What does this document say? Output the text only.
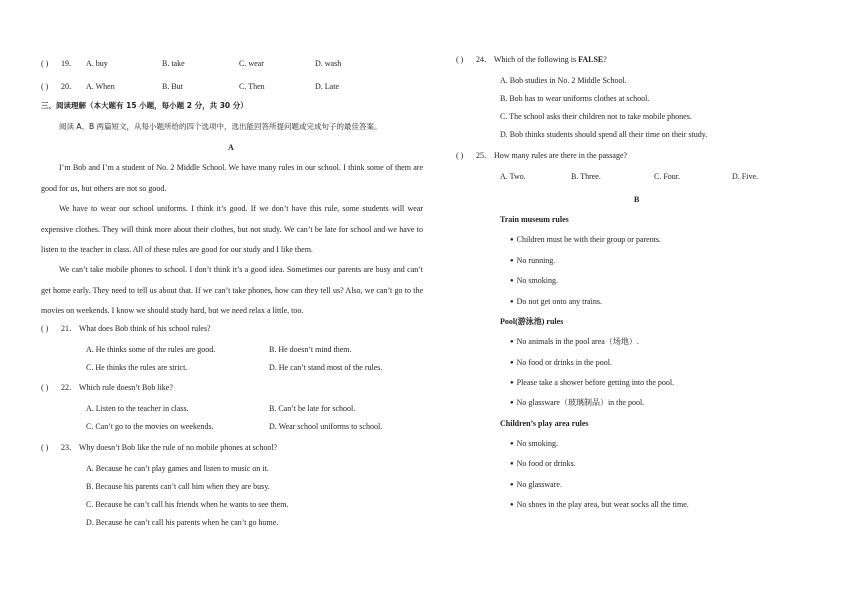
( ) 19． A. buy	B. take	C. wear	D. wash
( ) 20． A. When	B. But	C. Then	D. Late
三、阅读理解（本大题有 15 小题，每小题 2 分，共 30 分）
阅读 A、B 两篇短文，从每小题所给的四个选项中，选出能回答所提问题或完成句子的最佳答案。
A
I’m Bob and I’m a student of No. 2 Middle School. We have many rules in our school. I think some of them are good for us, but others are not so good.
We have to wear our school uniforms. I think it’s good. If we don’t have this rule, some students will wear expensive clothes. They will think more about their clothes, but not study. We can’t be late for school and we have to listen to the teacher in class. All of these rules are good for our study and I like them.
We can’t take mobile phones to school. I don’t think it’s a good idea. Sometimes our parents are busy and can’t get home early. They need to tell us about that. If we can’t take phones, how can they tell us? Also, we can’t go to the movies on weekends. I know we should study hard, but we need relax a little, too.
( ) 21． What does Bob think of his school rules?
A. He thinks some of the rules are good.	B. He doesn’t mind them.
C. He thinks the rules are strict.	D. He can’t stand most of the rules.
( ) 22． Which rule doesn’t Bob like?
A. Listen to the teacher in class.	B. Can’t be late for school.
C. Can’t go to the movies on weekends.	D. Wear school uniforms to school.
( ) 23． Why doesn’t Bob like the rule of no mobile phones at school?
A. Because he can’t play games and listen to music on it.
B. Because his parents can’t call him when they are busy.
C. Because he can’t call his friends when he wants to see them.
D. Because he can’t call his parents when he can’t go home.
( ) 24． Which of the following is FALSE?
A. Bob studies in No. 2 Middle School.
B. Bob has to wear uniforms clothes at school.
C. The school asks their children not to take mobile phones.
D. Bob thinks students should spend all their time on their study.
( ) 25． How many rules are there in the passage?
A. Two.	B. Three.	C. Four.	D. Five.
B
Train museum rules
● Children must be with their group or parents.
● No running.
● No smoking.
● Do not get onto any trains.
Pool(游泳池) rules
● No animals in the pool area（场地）.
● No food or drinks in the pool.
● Please take a shower before getting into the pool.
● No glassware（玻璃制品）in the pool.
Children’s play area rules
● No smoking.
● No food or drinks.
● No glassware.
● No shoes in the play area, but wear socks all the time.
